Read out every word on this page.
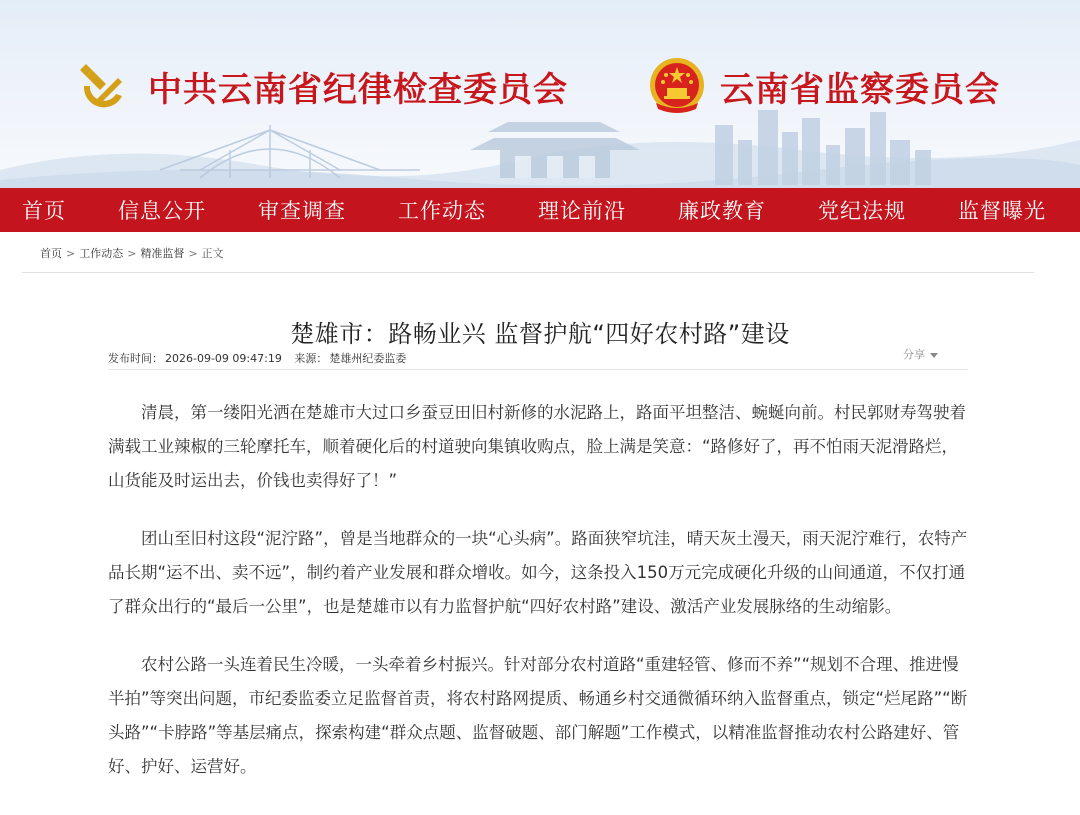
中共云南省纪律检查委员会	云南省监察委员会
首页 信息公开 审查调查 工作动态 理论前沿 廉政教育 党纪法规 监督曝光
首页 > 工作动态 > 精准监督 > 正文
楚雄市：路畅业兴 监督护航“四好农村路”建设
发布时间： 2026-09-09 09:47:19 来源： 楚雄州纪委监委	分享

清晨，第一缕阳光洒在楚雄市大过口乡蚕豆田旧村新修的水泥路上，路面平坦整洁、蜿蜒向前。村民郭财寿驾驶着满载工业辣椒的三轮摩托车，顺着硬化后的村道驶向集镇收购点，脸上满是笑意：“路修好了，再不怕雨天泥滑路烂，山货能及时运出去，价钱也卖得好了！”

团山至旧村这段“泥泞路”，曾是当地群众的一块“心头病”。路面狭窄坑洼，晴天灰土漫天，雨天泥泞难行，农特产品长期“运不出、卖不远”，制约着产业发展和群众增收。如今，这条投入150万元完成硬化升级的山间通道，不仅打通了群众出行的“最后一公里”，也是楚雄市以有力监督护航“四好农村路”建设、激活产业发展脉络的生动缩影。

农村公路一头连着民生冷暖，一头牵着乡村振兴。针对部分农村道路“重建轻管、修而不养”“规划不合理、推进慢半拍”等突出问题，市纪委监委立足监督首责，将农村路网提质、畅通乡村交通微循环纳入监督重点，锁定“烂尾路”“断头路”“卡脖路”等基层痛点，探索构建“群众点题、监督破题、部门解题”工作模式，以精准监督推动农村公路建好、管好、护好、运营好。
